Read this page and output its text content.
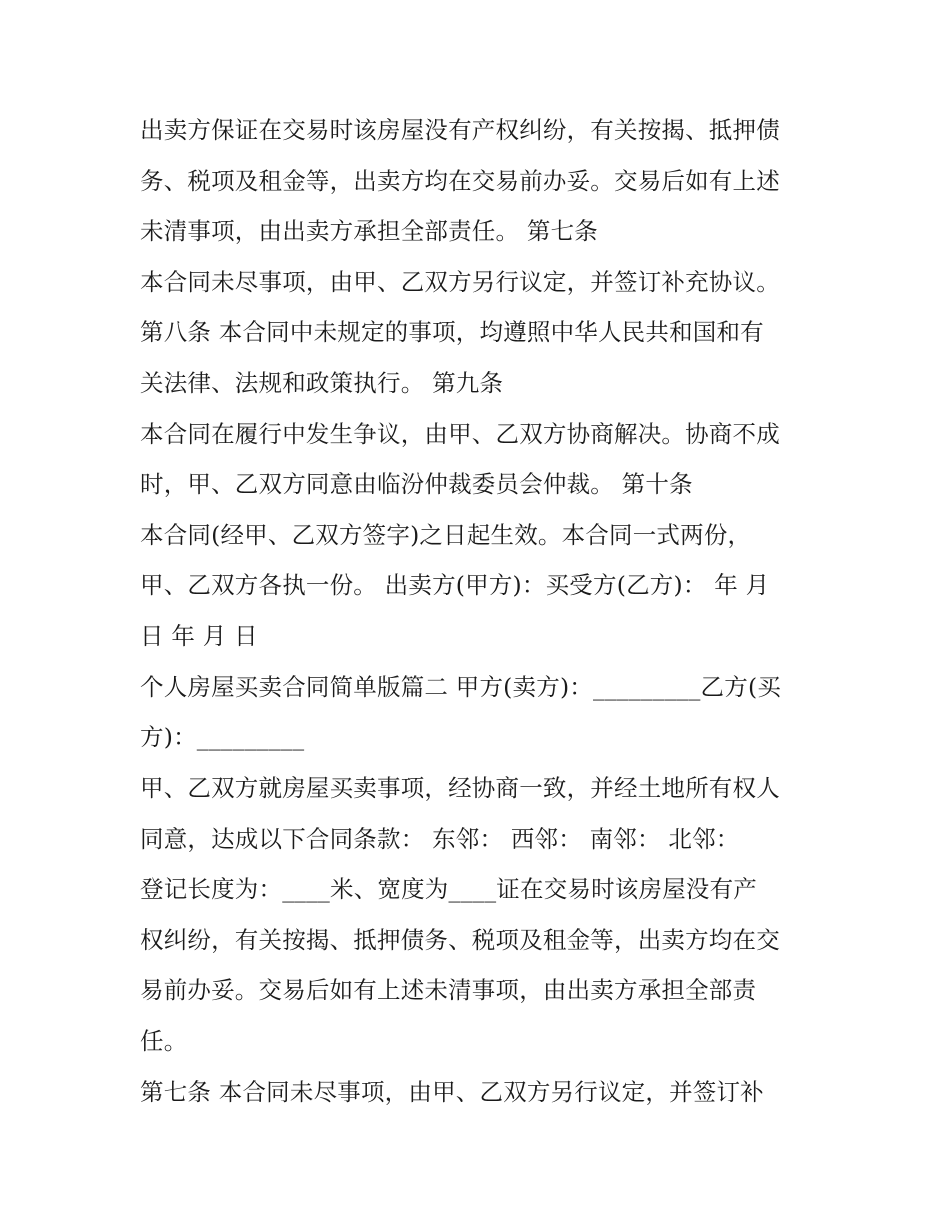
出卖方保证在交易时该房屋没有产权纠纷，有关按揭、抵押债

务、税项及租金等，出卖方均在交易前办妥。交易后如有上述

未清事项，由出卖方承担全部责任。 第七条

本合同未尽事项，由甲、乙双方另行议定，并签订补充协议。

第八条 本合同中未规定的事项，均遵照中华人民共和国和有

关法律、法规和政策执行。 第九条

本合同在履行中发生争议，由甲、乙双方协商解决。协商不成

时，甲、乙双方同意由临汾仲裁委员会仲裁。 第十条

本合同(经甲、乙双方签字)之日起生效。本合同一式两份，

甲、乙双方各执一份。 出卖方(甲方)：买受方(乙方)： 年 月

日 年 月 日

个人房屋买卖合同简单版篇二 甲方(卖方)：_________乙方(买

方)：_________

甲、乙双方就房屋买卖事项，经协商一致，并经土地所有权人

同意，达成以下合同条款： 东邻： 西邻： 南邻： 北邻：

登记长度为：____米、宽度为____证在交易时该房屋没有产

权纠纷，有关按揭、抵押债务、税项及租金等，出卖方均在交

易前办妥。交易后如有上述未清事项，由出卖方承担全部责

任。

第七条 本合同未尽事项，由甲、乙双方另行议定，并签订补
